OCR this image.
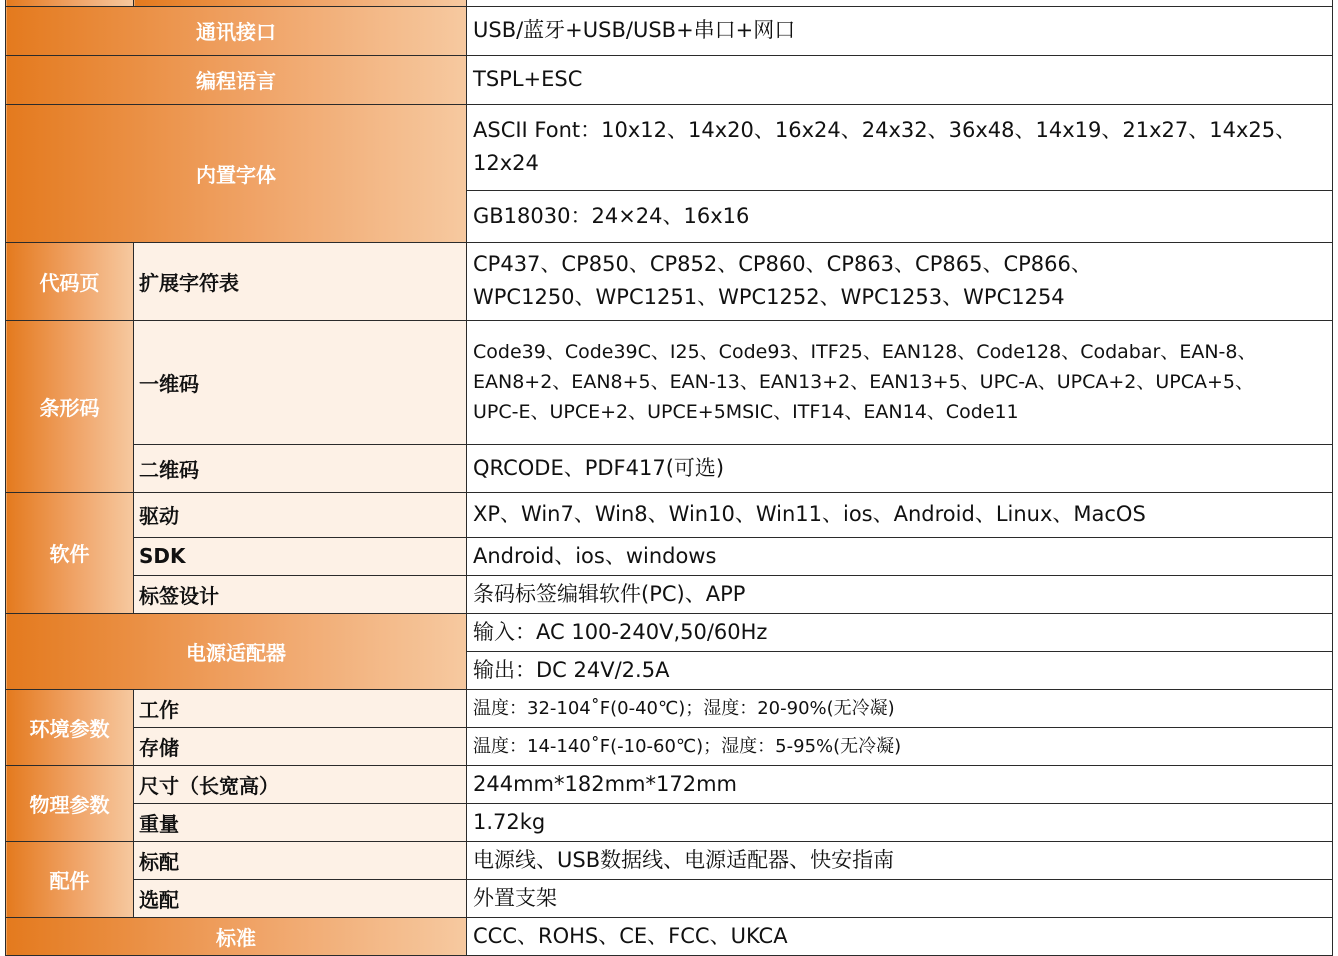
通讯接口		USB/蓝牙+USB/USB+串口+网口
编程语言		TSPL+ESC
内置字体		ASCII Font：10x12、14x20、16x24、24x32、36x48、14x19、21x27、14x25、
12x24

		GB18030：24×24、16x16
代码页	扩展字符表	CP437、CP850、CP852、CP860、CP863、CP865、CP866、
WPC1250、WPC1251、WPC1252、WPC1253、WPC1254

条形码	一维码	Code39、Code39C、I25、Code93、ITF25、EAN128、Code128、Codabar、EAN-8、
EAN8+2、EAN8+5、EAN-13、EAN13+2、EAN13+5、UPC-A、UPCA+2、UPCA+5、
UPC-E、UPCE+2、UPCE+5MSIC、ITF14、EAN14、Code11

	二维码	QRCODE、PDF417(可选)
软件	驱动	XP、Win7、Win8、Win10、Win11、ios、Android、Linux、MacOS
	SDK	Android、ios、windows
	标签设计	条码标签编辑软件(PC)、APP
电源适配器		输入：AC 100-240V,50/60Hz
		输出：DC 24V/2.5A
环境参数	工作	温度：32-104˚F(0-40℃)；湿度：20-90%(无冷凝)
	存储	温度：14-140˚F(-10-60℃)；湿度：5-95%(无冷凝)
物理参数	尺寸（长宽高）	244mm*182mm*172mm
	重量	1.72kg
配件	标配	电源线、USB数据线、电源适配器、快安指南
	选配	外置支架
标准		CCC、ROHS、CE、FCC、UKCA
